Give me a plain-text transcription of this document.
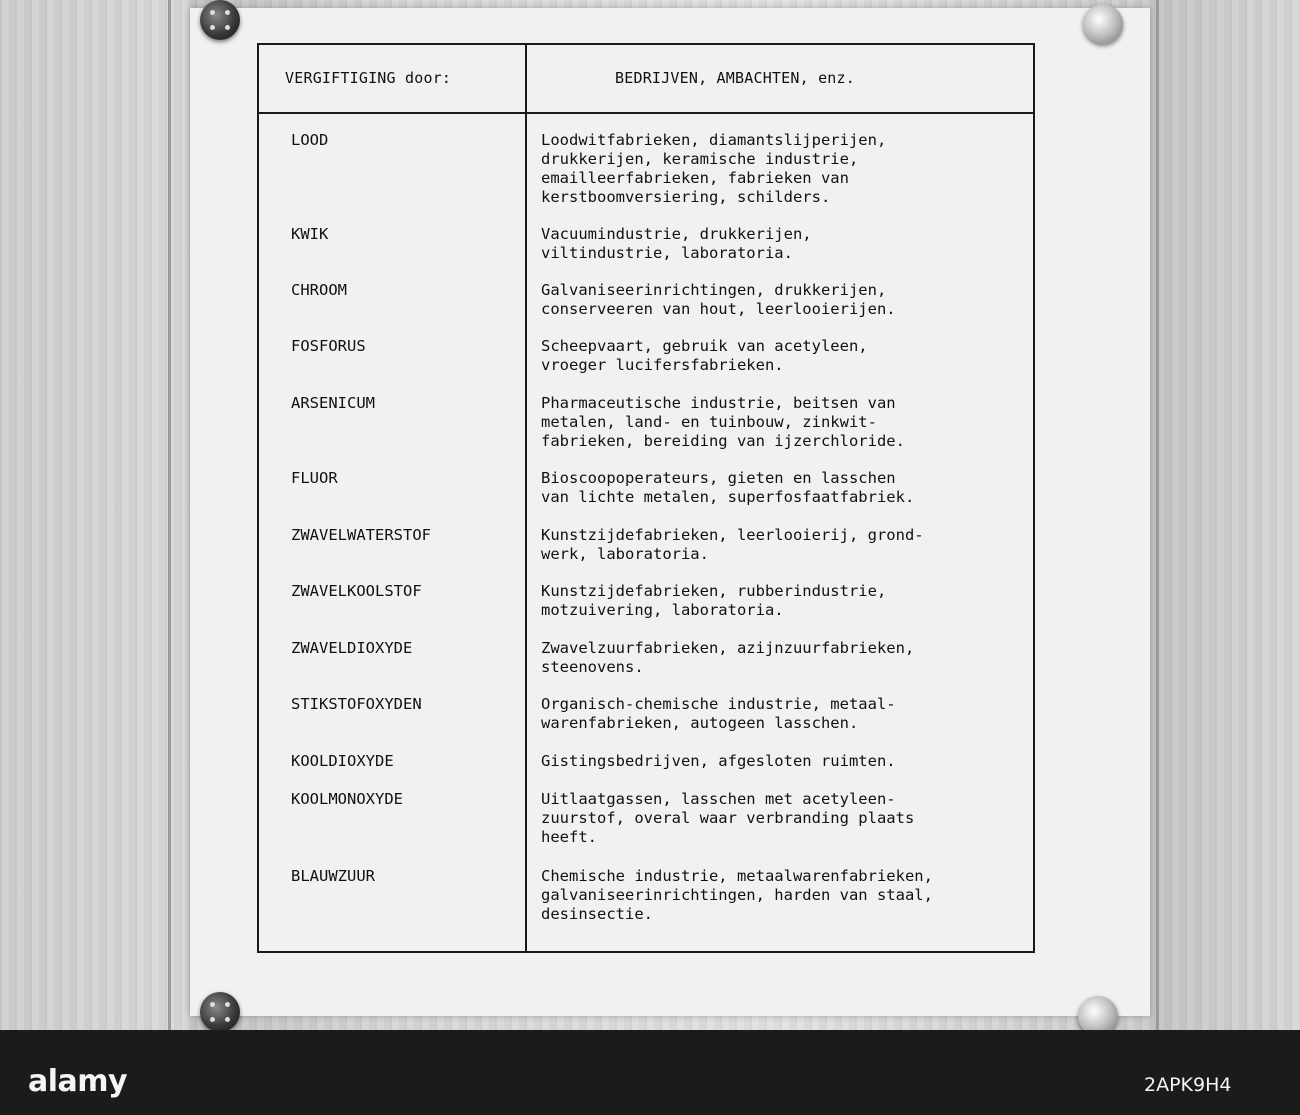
VERGIFTIGING door:	BEDRIJVEN, AMBACHTEN, enz.
LOOD	Loodwitfabrieken, diamantslijperijen,
drukkerijen, keramische industrie,
emailleerfabrieken, fabrieken van
kerstboomversiering, schilders.
KWIK	Vacuumindustrie, drukkerijen,
viltindustrie, laboratoria.
CHROOM	Galvaniseerinrichtingen, drukkerijen,
conserveeren van hout, leerlooierijen.
FOSFORUS	Scheepvaart, gebruik van acetyleen,
vroeger lucifersfabrieken.
ARSENICUM	Pharmaceutische industrie, beitsen van
metalen, land- en tuinbouw, zinkwit-
fabrieken, bereiding van ijzerchloride.
FLUOR	Bioscoopoperateurs, gieten en lasschen
van lichte metalen, superfosfaatfabriek.
ZWAVELWATERSTOF	Kunstzijdefabrieken, leerlooierij, grond-
werk, laboratoria.
ZWAVELKOOLSTOF	Kunstzijdefabrieken, rubberindustrie,
motzuivering, laboratoria.
ZWAVELDIOXYDE	Zwavelzuurfabrieken, azijnzuurfabrieken,
steenovens.
STIKSTOFOXYDEN	Organisch-chemische industrie, metaal-
warenfabrieken, autogeen lasschen.
KOOLDIOXYDE	Gistingsbedrijven, afgesloten ruimten.
KOOLMONOXYDE	Uitlaatgassen, lasschen met acetyleen-
zuurstof, overal waar verbranding plaats
heeft.
BLAUWZUUR	Chemische industrie, metaalwarenfabrieken,
galvaniseerinrichtingen, harden van staal,
desinsectie.
alamy	2APK9H4
